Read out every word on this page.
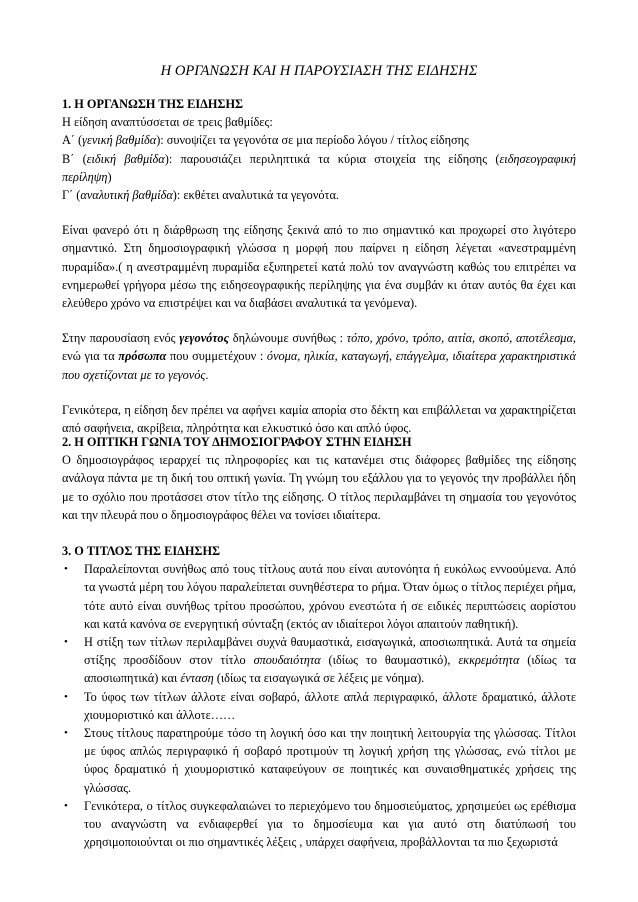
Η ΟΡΓΑΝΩΣΗ ΚΑΙ Η ΠΑΡΟΥΣΙΑΣΗ ΤΗΣ ΕΙΔΗΣΗΣ

1. Η ΟΡΓΑΝΩΣΗ ΤΗΣ ΕΙΔΗΣΗΣ

Η είδηση αναπτύσσεται σε τρεις βαθμίδες:

Α΄ (γενική βαθμίδα): συνοψίζει τα γεγονότα σε μια περίοδο λόγου / τίτλος είδησης

Β΄ (ειδική βαθμίδα): παρουσιάζει περιληπτικά τα κύρια στοιχεία της είδησης (ειδησεογραφική περίληψη)

Γ΄ (αναλυτική βαθμίδα): εκθέτει αναλυτικά τα γεγονότα.

Είναι φανερό ότι η διάρθρωση της είδησης ξεκινά από το πιο σημαντικό και προχωρεί στο λιγότερο σημαντικό. Στη δημοσιογραφική γλώσσα η μορφή που παίρνει η είδηση λέγεται «ανεστραμμένη πυραμίδα».( η ανεστραμμένη πυραμίδα εξυπηρετεί κατά πολύ τον αναγνώστη καθώς του επιτρέπει να ενημερωθεί γρήγορα μέσω της ειδησεογραφικής περίληψης για ένα συμβάν κι όταν αυτός θα έχει και ελεύθερο χρόνο να επιστρέψει και να διαβάσει αναλυτικά τα γενόμενα).

Στην παρουσίαση ενός γεγονότος δηλώνουμε συνήθως : τόπο, χρόνο, τρόπο, αιτία, σκοπό, αποτέλεσμα, ενώ για τα πρόσωπα που συμμετέχουν : όνομα, ηλικία, καταγωγή, επάγγελμα, ιδιαίτερα χαρακτηριστικά που σχετίζονται με το γεγονός.

Γενικότερα, η είδηση δεν πρέπει να αφήνει καμία απορία στο δέκτη και επιβάλλεται να χαρακτηρίζεται από σαφήνεια, ακρίβεια, πληρότητα και ελκυστικό όσο και απλό ύφος.

2. Η ΟΠΤΙΚΗ ΓΩΝΙΑ ΤΟΥ ΔΗΜΟΣΙΟΓΡΑΦΟΥ ΣΤΗΝ ΕΙΔΗΣΗ

Ο δημοσιογράφος ιεραρχεί τις πληροφορίες και τις κατανέμει στις διάφορες βαθμίδες της είδησης ανάλογα πάντα με τη δική του οπτική γωνία. Τη γνώμη του εξάλλου για το γεγονός την προβάλλει ήδη με το σχόλιο που προτάσσει στον τίτλο της είδησης. Ο τίτλος περιλαμβάνει τη σημασία του γεγονότος και την πλευρά που ο δημοσιογράφος θέλει να τονίσει ιδιαίτερα.

3. Ο ΤΙΤΛΟΣ ΤΗΣ ΕΙΔΗΣΗΣ

• Παραλείπονται συνήθως από τους τίτλους αυτά που είναι αυτονόητα ή ευκόλως εννοούμενα. Από τα γνωστά μέρη του λόγου παραλείπεται συνηθέστερα το ρήμα. Όταν όμως ο τίτλος περιέχει ρήμα, τότε αυτό είναι συνήθως τρίτου προσώπου, χρόνου ενεστώτα ή σε ειδικές περιπτώσεις αορίστου και κατά κανόνα σε ενεργητική σύνταξη (εκτός αν ιδιαίτεροι λόγοι απαιτούν παθητική).
• Η στίξη των τίτλων περιλαμβάνει συχνά θαυμαστικά, εισαγωγικά, αποσιωπητικά. Αυτά τα σημεία στίξης προσδίδουν στον τίτλο σπουδαιότητα (ιδίως το θαυμαστικό), εκκρεμότητα (ιδίως τα αποσιωπητικά) και ένταση (ιδίως τα εισαγωγικά σε λέξεις με νόημα).
• Το ύφος των τίτλων άλλοτε είναι σοβαρό, άλλοτε απλά περιγραφικό, άλλοτε δραματικό, άλλοτε χιουμοριστικό και άλλοτε……
• Στους τίτλους παρατηρούμε τόσο τη λογική όσο και την ποιητική λειτουργία της γλώσσας. Τίτλοι με ύφος απλώς περιγραφικό ή σοβαρό προτιμούν τη λογική χρήση της γλώσσας, ενώ τίτλοι με ύφος δραματικό ή χιουμοριστικό καταφεύγουν σε ποιητικές και συναισθηματικές χρήσεις της γλώσσας.
• Γενικότερα, ο τίτλος συγκεφαλαιώνει το περιεχόμενο του δημοσιεύματος, χρησιμεύει ως ερέθισμα του αναγνώστη να ενδιαφερθεί για το δημοσίευμα και για αυτό στη διατύπωσή του χρησιμοποιούνται οι πιο σημαντικές λέξεις , υπάρχει σαφήνεια, προβάλλονται τα πιο ξεχωριστά
